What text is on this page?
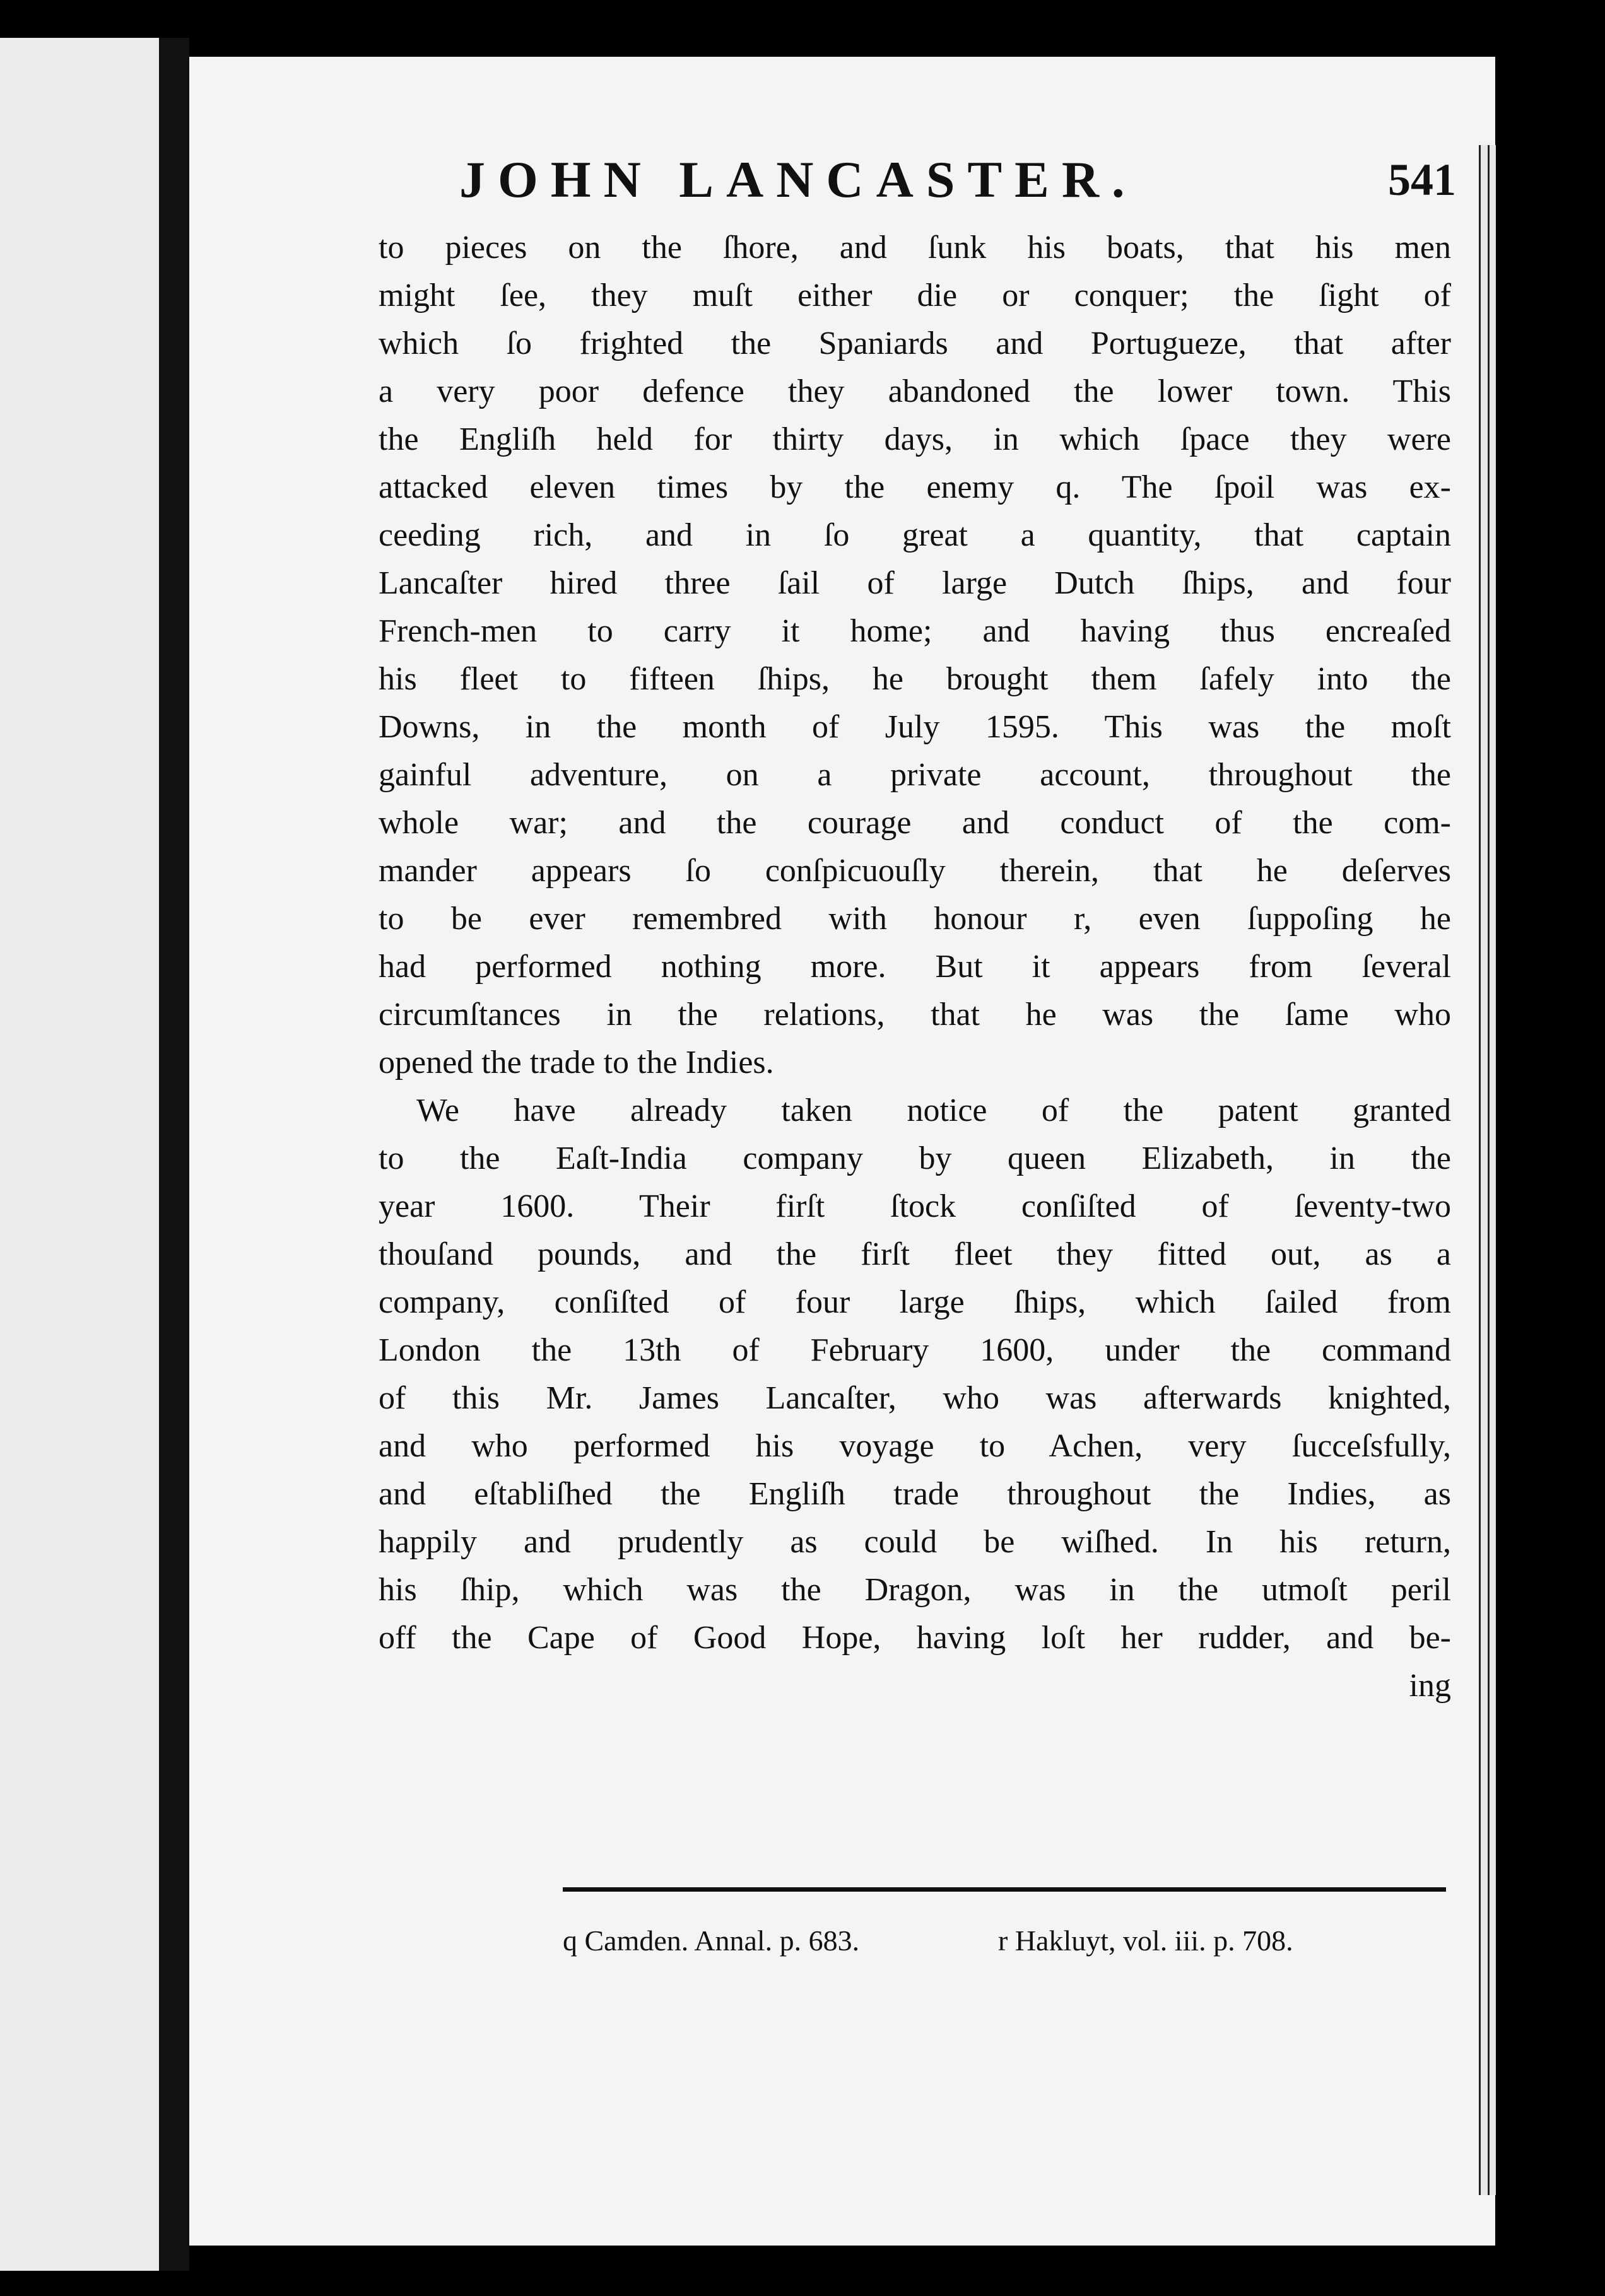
JOHN LANCASTER.	541
to pieces on the ſhore, and ſunk his boats, that his men
might ſee, they muſt either die or conquer; the ſight of
which ſo frighted the Spaniards and Portugueze, that after
a very poor defence they abandoned the lower town. This
the Engliſh held for thirty days, in which ſpace they were
attacked eleven times by the enemy q. The ſpoil was ex-
ceeding rich, and in ſo great a quantity, that captain
Lancaſter hired three ſail of large Dutch ſhips, and four
French-men to carry it home; and having thus encreaſed
his fleet to fifteen ſhips, he brought them ſafely into the
Downs, in the month of July 1595. This was the moſt
gainful adventure, on a private account, throughout the
whole war; and the courage and conduct of the com-
mander appears ſo conſpicuouſly therein, that he deſerves
to be ever remembred with honour r, even ſuppoſing he
had performed nothing more. But it appears from ſeveral
circumſtances in the relations, that he was the ſame who
opened the trade to the Indies.
We have already taken notice of the patent granted
to the Eaſt-India company by queen Elizabeth, in the
year 1600. Their firſt ſtock conſiſted of ſeventy-two
thouſand pounds, and the firſt fleet they fitted out, as a
company, conſiſted of four large ſhips, which ſailed from
London the 13th of February 1600, under the command
of this Mr. James Lancaſter, who was afterwards knighted,
and who performed his voyage to Achen, very ſucceſsfully,
and eſtabliſhed the Engliſh trade throughout the Indies, as
happily and prudently as could be wiſhed. In his return,
his ſhip, which was the Dragon, was in the utmoſt peril
off the Cape of Good Hope, having loſt her rudder, and be-
ing
q Camden. Annal. p. 683.	r Hakluyt, vol. iii. p. 708.
